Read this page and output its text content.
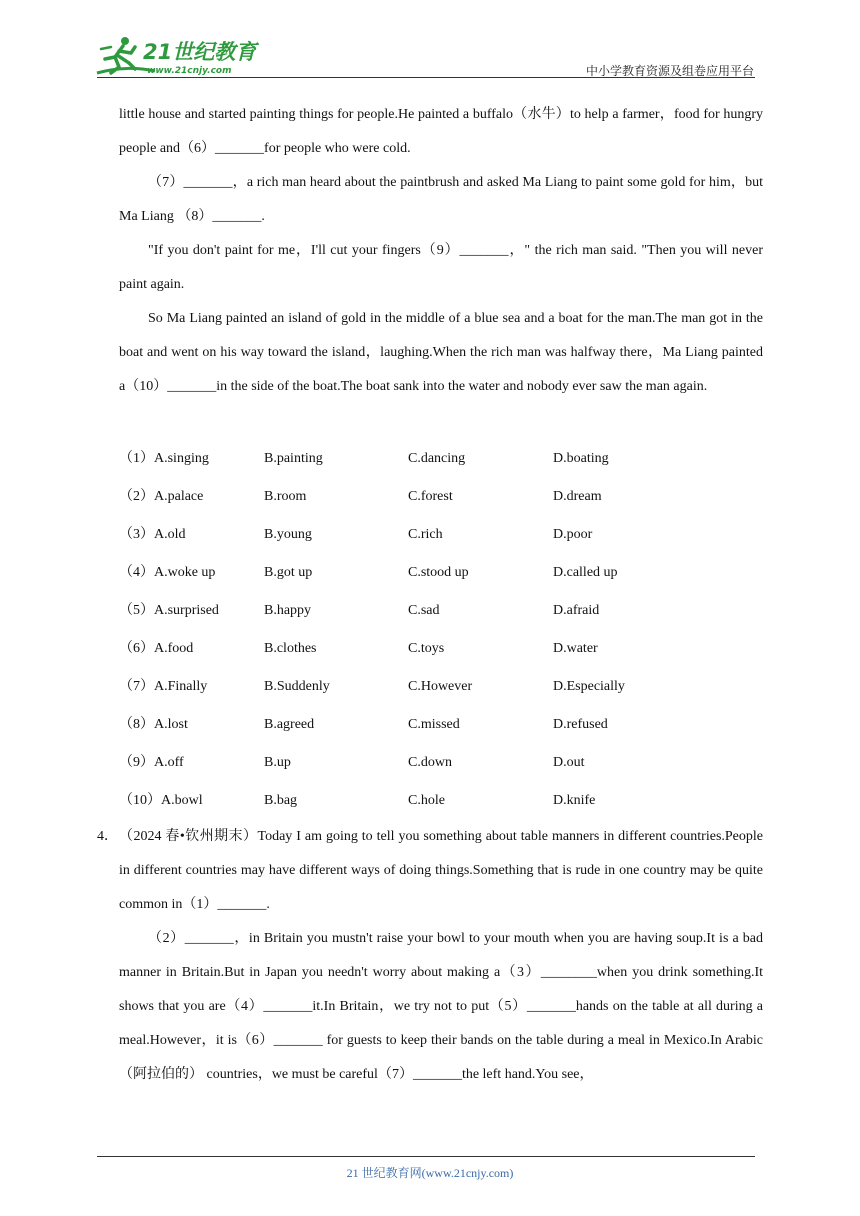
21世纪教育
www.21cnjy.com	中小学教育资源及组卷应用平台

little house and started painting things for people.He painted a buffalo（水牛）to help a farmer，food for hungry people and（6）_______for people who were cold.

（7）_______，a rich man heard about the paintbrush and asked Ma Liang to paint some gold for him，but Ma Liang （8）_______.

"If you don't paint for me，I'll cut your fingers（9）_______，" the rich man said. "Then you will never paint again.

So Ma Liang painted an island of gold in the middle of a blue sea and a boat for the man.The man got in the boat and went on his way toward the island，laughing.When the rich man was halfway there，Ma Liang painted a（10）_______in the side of the boat.The boat sank into the water and nobody ever saw the man again.

（1）A.singing	B.painting	C.dancing	D.boating
（2）A.palace	B.room	C.forest	D.dream
（3）A.old	B.young	C.rich	D.poor
（4）A.woke up	B.got up	C.stood up	D.called up
（5）A.surprised	B.happy	C.sad	D.afraid
（6）A.food	B.clothes	C.toys	D.water
（7）A.Finally	B.Suddenly	C.However	D.Especially
（8）A.lost	B.agreed	C.missed	D.refused
（9）A.off	B.up	C.down	D.out
（10）A.bowl	B.bag	C.hole	D.knife
4． （2024 春•钦州期末）Today I am going to tell you something about table manners in different countries.People in different countries may have different ways of doing things.Something that is rude in one country may be quite common in（1）_______.

（2）_______，in Britain you mustn't raise your bowl to your mouth when you are having soup.It is a bad manner in Britain.But in Japan you needn't worry about making a（3）________when you drink something.It shows that you are（4）_______it.In Britain，we try not to put（5）_______hands on the table at all during a meal.However，it is（6）_______ for guests to keep their bands on the table during a meal in Mexico.In Arabic（阿拉伯的） countries，we must be careful（7）_______the left hand.You see，

21 世纪教育网(www.21cnjy.com)
